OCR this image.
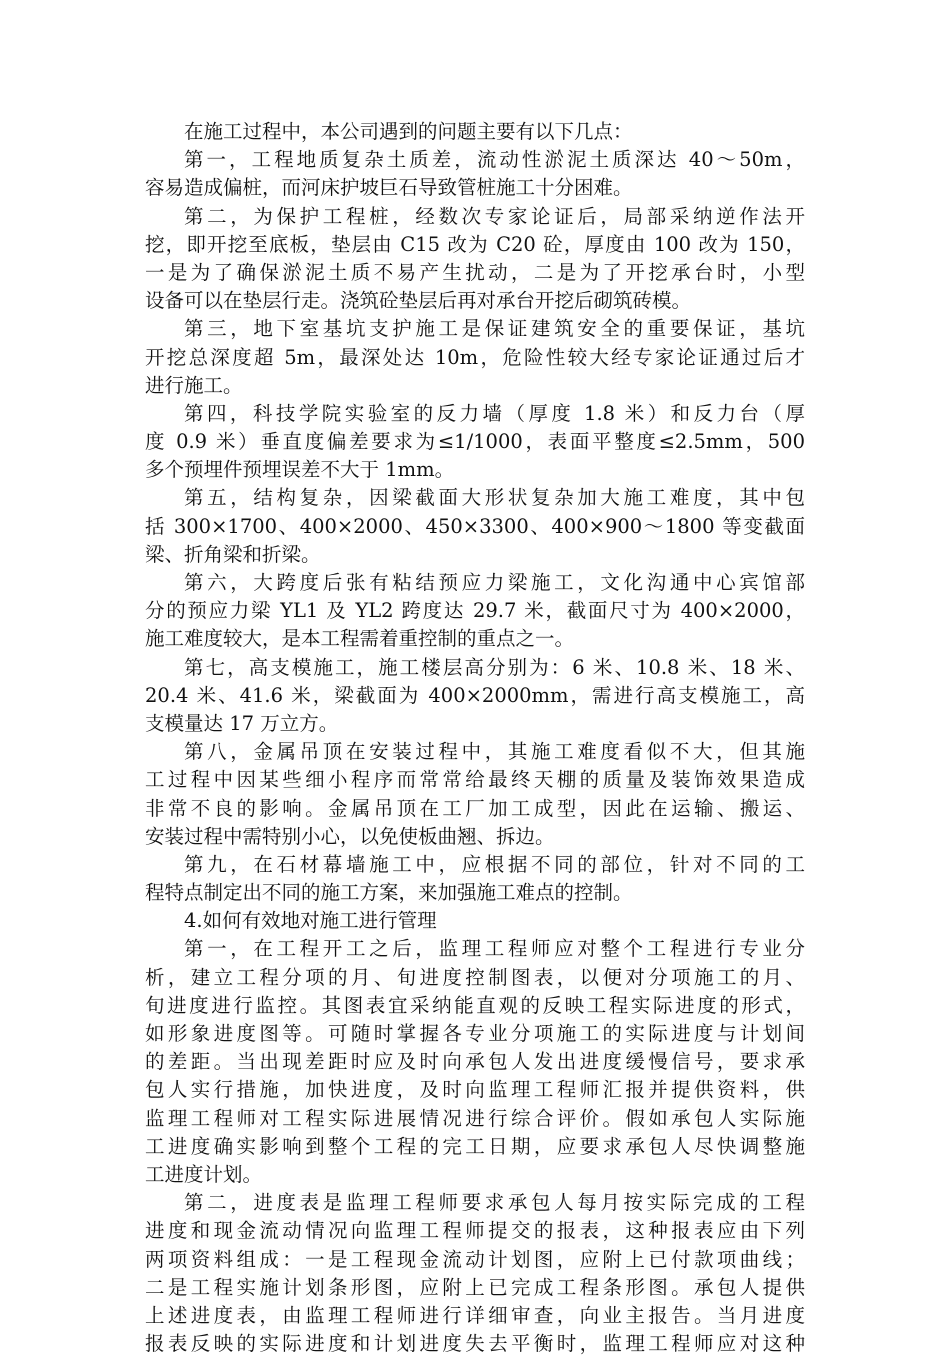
在施工过程中，本公司遇到的问题主要有以下几点：
第一，工程地质复杂土质差，流动性淤泥土质深达 40～50m，
容易造成偏桩，而河床护坡巨石导致管桩施工十分困难。
第二，为保护工程桩，经数次专家论证后，局部采纳逆作法开
挖，即开挖至底板，垫层由 C15 改为 C20 砼，厚度由 100 改为 150，
一是为了确保淤泥土质不易产生扰动，二是为了开挖承台时，小型
设备可以在垫层行走。浇筑砼垫层后再对承台开挖后砌筑砖模。
第三，地下室基坑支护施工是保证建筑安全的重要保证，基坑
开挖总深度超 5m，最深处达 10m，危险性较大经专家论证通过后才
进行施工。
第四，科技学院实验室的反力墙（厚度 1.8 米）和反力台（厚
度 0.9 米）垂直度偏差要求为≤1/1000，表面平整度≤2.5mm，500
多个预埋件预埋误差不大于 1mm。
第五，结构复杂，因梁截面大形状复杂加大施工难度，其中包
括 300×1700、400×2000、450×3300、400×900～1800 等变截面
梁、折角梁和折梁。
第六，大跨度后张有粘结预应力梁施工，文化沟通中心宾馆部
分的预应力梁 YL1 及 YL2 跨度达 29.7 米，截面尺寸为 400×2000，
施工难度较大，是本工程需着重控制的重点之一。
第七，高支模施工，施工楼层高分别为：6 米、10.8 米、18 米、
20.4 米、41.6 米，梁截面为 400×2000mm，需进行高支模施工，高
支模量达 17 万立方。
第八，金属吊顶在安装过程中，其施工难度看似不大，但其施
工过程中因某些细小程序而常常给最终天棚的质量及装饰效果造成
非常不良的影响。金属吊顶在工厂加工成型，因此在运输、搬运、
安装过程中需特别小心，以免使板曲翘、拆边。
第九，在石材幕墙施工中，应根据不同的部位，针对不同的工
程特点制定出不同的施工方案，来加强施工难点的控制。
4.如何有效地对施工进行管理
第一，在工程开工之后，监理工程师应对整个工程进行专业分
析，建立工程分项的月、旬进度控制图表，以便对分项施工的月、
旬进度进行监控。其图表宜采纳能直观的反映工程实际进度的形式，
如形象进度图等。可随时掌握各专业分项施工的实际进度与计划间
的差距。当出现差距时应及时向承包人发出进度缓慢信号，要求承
包人实行措施，加快进度，及时向监理工程师汇报并提供资料，供
监理工程师对工程实际进展情况进行综合评价。假如承包人实际施
工进度确实影响到整个工程的完工日期，应要求承包人尽快调整施
工进度计划。
第二，进度表是监理工程师要求承包人每月按实际完成的工程
进度和现金流动情况向监理工程师提交的报表，这种报表应由下列
两项资料组成：一是工程现金流动计划图，应附上已付款项曲线；
二是工程实施计划条形图，应附上已完成工程条形图。承包人提供
上述进度表，由监理工程师进行详细审查，向业主报告。当月进度
报表反映的实际进度和计划进度失去平衡时，监理工程师应对这种
